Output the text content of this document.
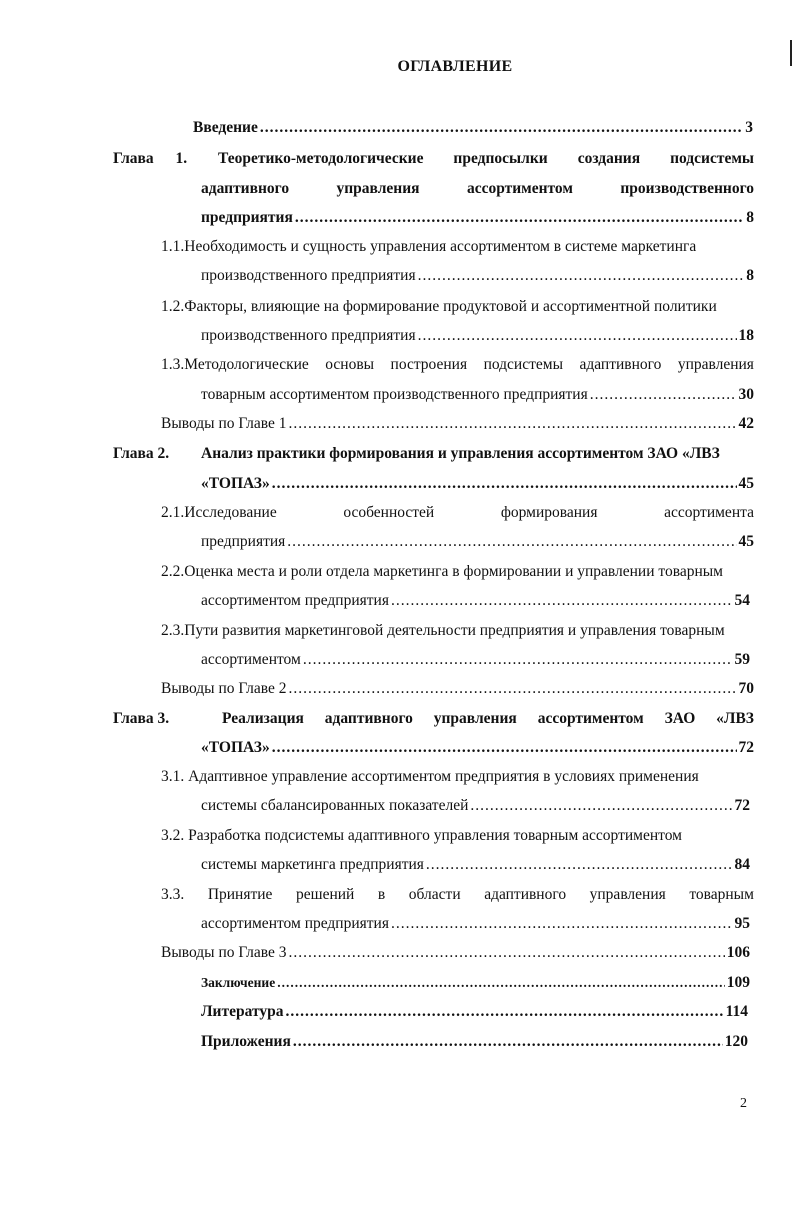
ОГЛАВЛЕНИЕ
Введение .....	3
Глава 1. Теоретико-методологические предпосылки создания подсистемы
адаптивного	управления	ассортиментом	производственного
предприятия .....	8
1.1.Необходимость и сущность управления ассортиментом в системе маркетинга
производственного предприятия .....	8
1.2.Факторы, влияющие на формирование продуктовой и ассортиментной политики
производственного предприятия .....	18
1.3.Методологические основы построения подсистемы адаптивного управления
товарным ассортиментом производственного предприятия .....	30
Выводы по Главе 1 .....	42
Глава 2. Анализ практики формирования и управления ассортиментом ЗАО «ЛВЗ
«ТОПАЗ» .....	45
2.1.Исследование	особенностей	формирования	ассортимента
предприятия .....	45
2.2.Оценка места и роли отдела маркетинга в формировании и управлении товарным
ассортиментом предприятия .....	54
2.3.Пути развития маркетинговой деятельности предприятия и управления товарным
ассортиментом .....	59
Выводы по Главе 2 .....	70
Глава 3.	Реализация адаптивного управления ассортиментом ЗАО «ЛВЗ
«ТОПАЗ» .....	72
3.1. Адаптивное управление ассортиментом предприятия в условиях применения
системы сбалансированных показателей .....	72
3.2. Разработка подсистемы адаптивного управления товарным ассортиментом
системы маркетинга предприятия .....	84
3.3. Принятие решений в области адаптивного управления товарным
ассортиментом предприятия .....	95
Выводы по Главе 3 .....	106
Заключение .....	109
Литература .....	114
Приложения .....	120
2
